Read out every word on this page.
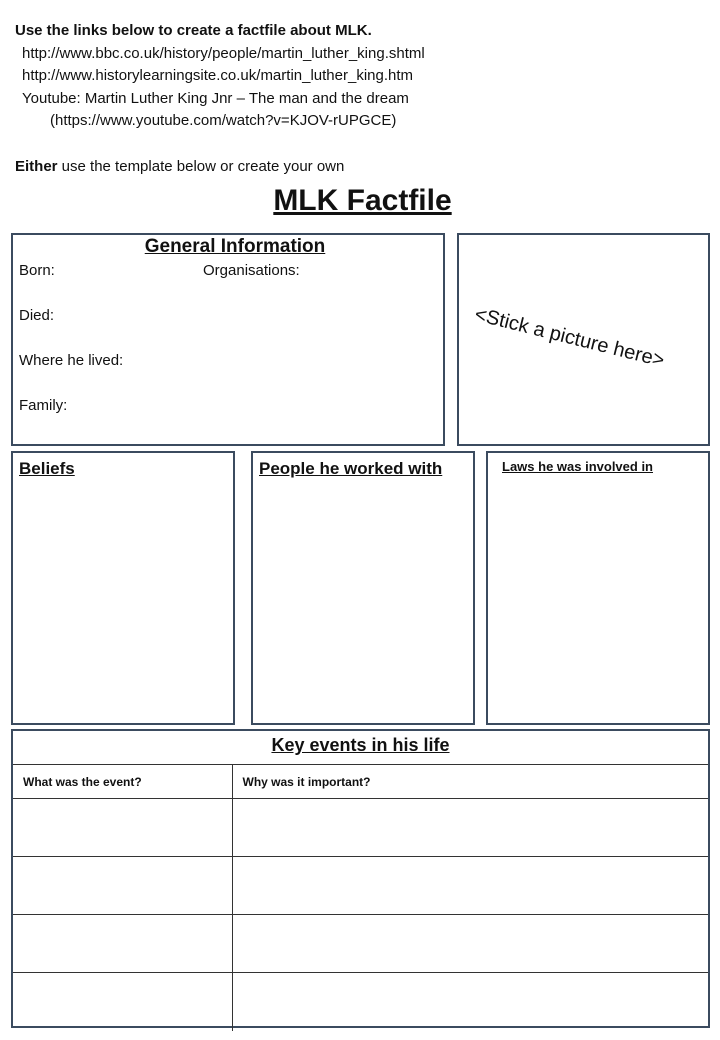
Use the links below to create a factfile about MLK.
http://www.bbc.co.uk/history/people/martin_luther_king.shtml
http://www.historylearningsite.co.uk/martin_luther_king.htm
Youtube: Martin Luther King Jnr – The man and the dream
(https://www.youtube.com/watch?v=KJOV-rUPGCE)
Either use the template below or create your own
MLK Factfile
General Information
Born:
Died:
Where he lived:
Family:
Organisations:
<Stick a picture here>
Beliefs	People he worked with	Laws he was involved in
Key events in his life
What was the event?	Why was it important?
